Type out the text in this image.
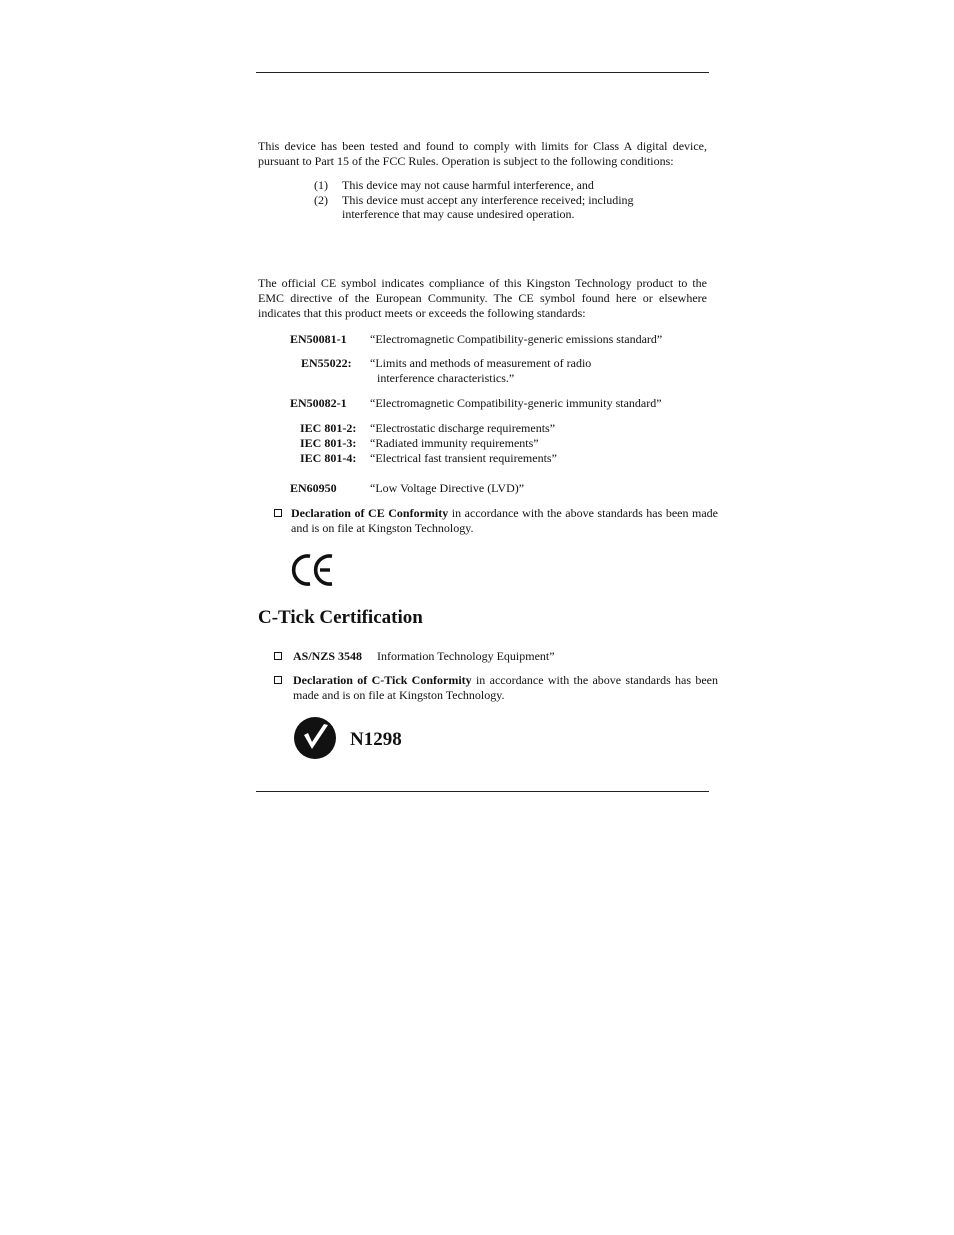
This device has been tested and found to comply with limits for Class A digital device, pursuant to Part 15 of the FCC Rules. Operation is subject to the following conditions:
(1) This device may not cause harmful interference, and
(2) This device must accept any interference received; including
interference that may cause undesired operation.
The official CE symbol indicates compliance of this Kingston Technology product to the EMC directive of the European Community. The CE symbol found here or elsewhere indicates that this product meets or exceeds the following standards:
EN50081-1 “Electromagnetic Compatibility-generic emissions standard”
EN55022: “Limits and methods of measurement of radio
interference characteristics.”
EN50082-1 “Electromagnetic Compatibility-generic immunity standard”
IEC 801-2: “Electrostatic discharge requirements”
IEC 801-3: “Radiated immunity requirements”
IEC 801-4: “Electrical fast transient requirements”
EN60950	“Low Voltage Directive (LVD)”
Declaration of CE Conformity in accordance with the above standards has been made and is on file at Kingston Technology.
C-Tick Certification
AS/NZS 3548 Information Technology Equipment”
Declaration of C-Tick Conformity in accordance with the above standards has been made and is on file at Kingston Technology.
N1298
